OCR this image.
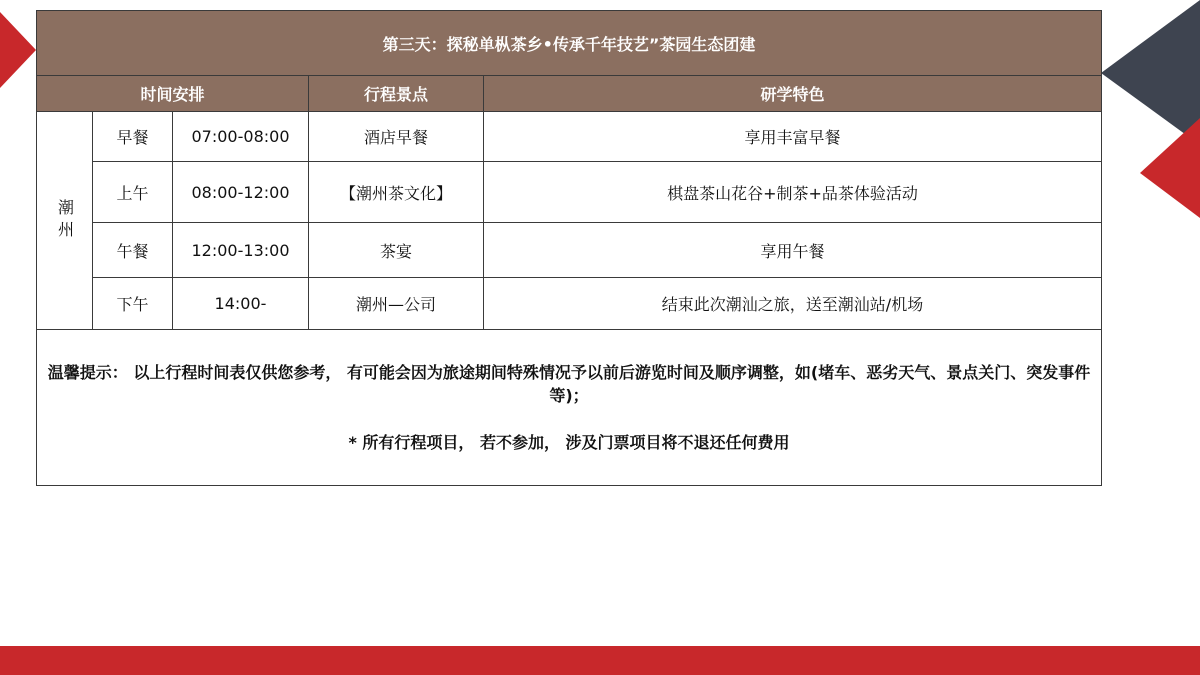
第三天：探秘单枞茶乡•传承千年技艺”茶园生态团建				
时间安排			行程景点	研学特色
潮州	早餐	07:00-08:00	酒店早餐	享用丰富早餐
	上午	08:00-12:00	【潮州茶文化】	棋盘茶山花谷+制茶+品茶体验活动
	午餐	12:00-13:00	茶宴	享用午餐
	下午	14:00-	潮州—公司	结束此次潮汕之旅，送至潮汕站/机场

温馨提示： 以上行程时间表仅供您参考， 有可能会因为旅途期间特殊情况予以前后游览时间及顺序调整，如(堵车、恶劣天气、景点关门、突发事件等)；

* 所有行程项目， 若不参加， 涉及门票项目将不退还任何费用				
